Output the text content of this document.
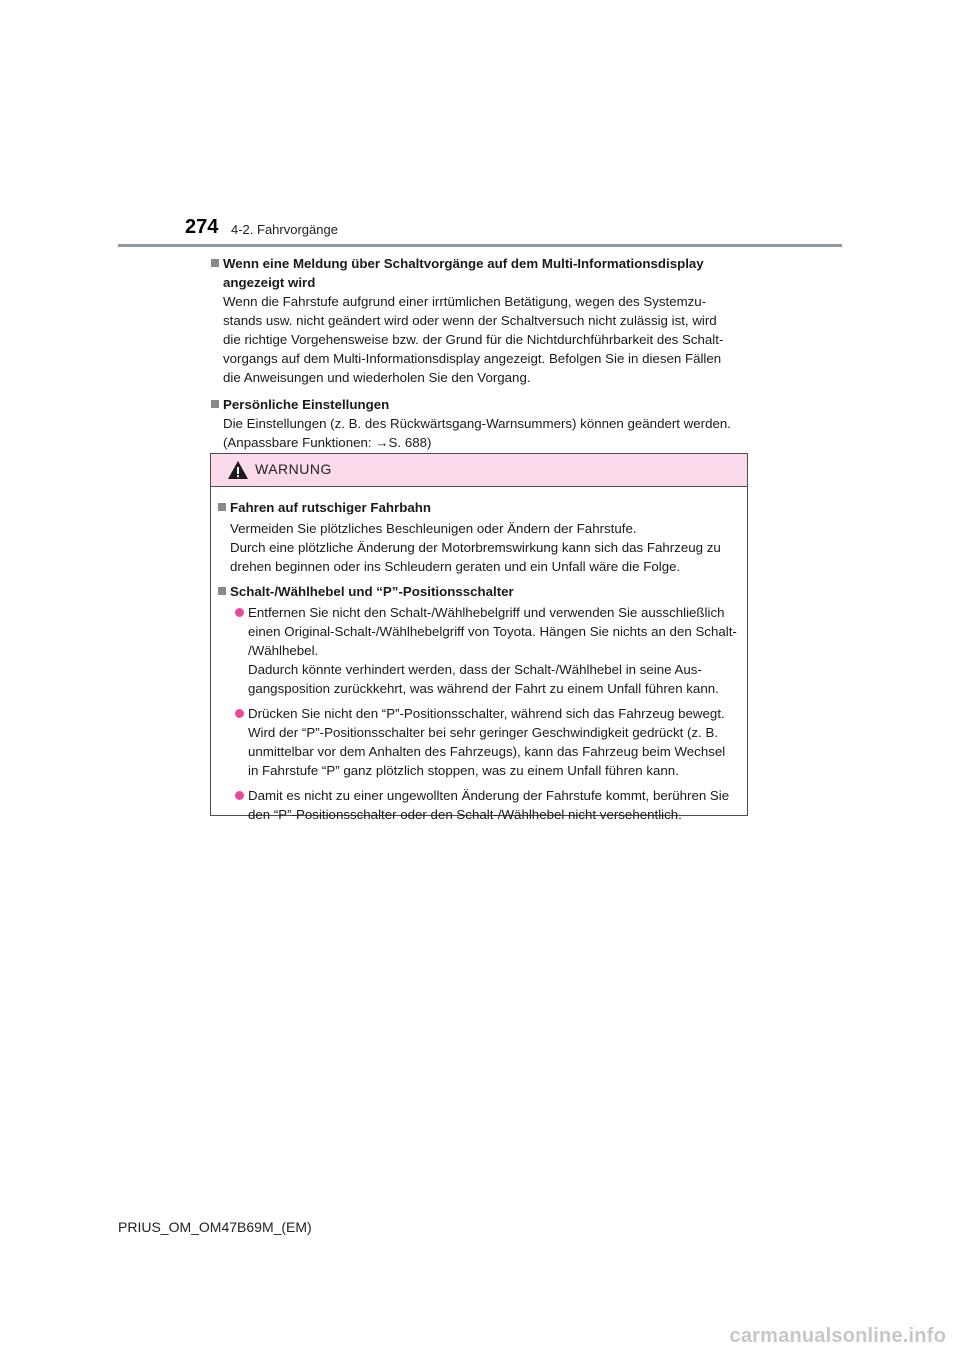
274 4-2. Fahrvorgänge
Wenn eine Meldung über Schaltvorgänge auf dem Multi-Informationsdisplay angezeigt wird
Wenn die Fahrstufe aufgrund einer irrtümlichen Betätigung, wegen des Systemzu-
stands usw. nicht geändert wird oder wenn der Schaltversuch nicht zulässig ist, wird
die richtige Vorgehensweise bzw. der Grund für die Nichtdurchführbarkeit des Schalt-
vorgangs auf dem Multi-Informationsdisplay angezeigt. Befolgen Sie in diesen Fällen
die Anweisungen und wiederholen Sie den Vorgang.
Persönliche Einstellungen
Die Einstellungen (z. B. des Rückwärtsgang-Warnsummers) können geändert werden.
(Anpassbare Funktionen: →S. 688)
WARNUNG
Fahren auf rutschiger Fahrbahn
Vermeiden Sie plötzliches Beschleunigen oder Ändern der Fahrstufe.
Durch eine plötzliche Änderung der Motorbremswirkung kann sich das Fahrzeug zu
drehen beginnen oder ins Schleudern geraten und ein Unfall wäre die Folge.
Schalt-/Wählhebel und “P”-Positionsschalter
Entfernen Sie nicht den Schalt-/Wählhebelgriff und verwenden Sie ausschließlich
einen Original-Schalt-/Wählhebelgriff von Toyota. Hängen Sie nichts an den Schalt-
/Wählhebel.
Dadurch könnte verhindert werden, dass der Schalt-/Wählhebel in seine Aus-
gangsposition zurückkehrt, was während der Fahrt zu einem Unfall führen kann.
Drücken Sie nicht den “P”-Positionsschalter, während sich das Fahrzeug bewegt.
Wird der “P”-Positionsschalter bei sehr geringer Geschwindigkeit gedrückt (z. B.
unmittelbar vor dem Anhalten des Fahrzeugs), kann das Fahrzeug beim Wechsel
in Fahrstufe “P” ganz plötzlich stoppen, was zu einem Unfall führen kann.
Damit es nicht zu einer ungewollten Änderung der Fahrstufe kommt, berühren Sie
den “P”-Positionsschalter oder den Schalt-/Wählhebel nicht versehentlich.
PRIUS_OM_OM47B69M_(EM)
carmanualsonline.info
